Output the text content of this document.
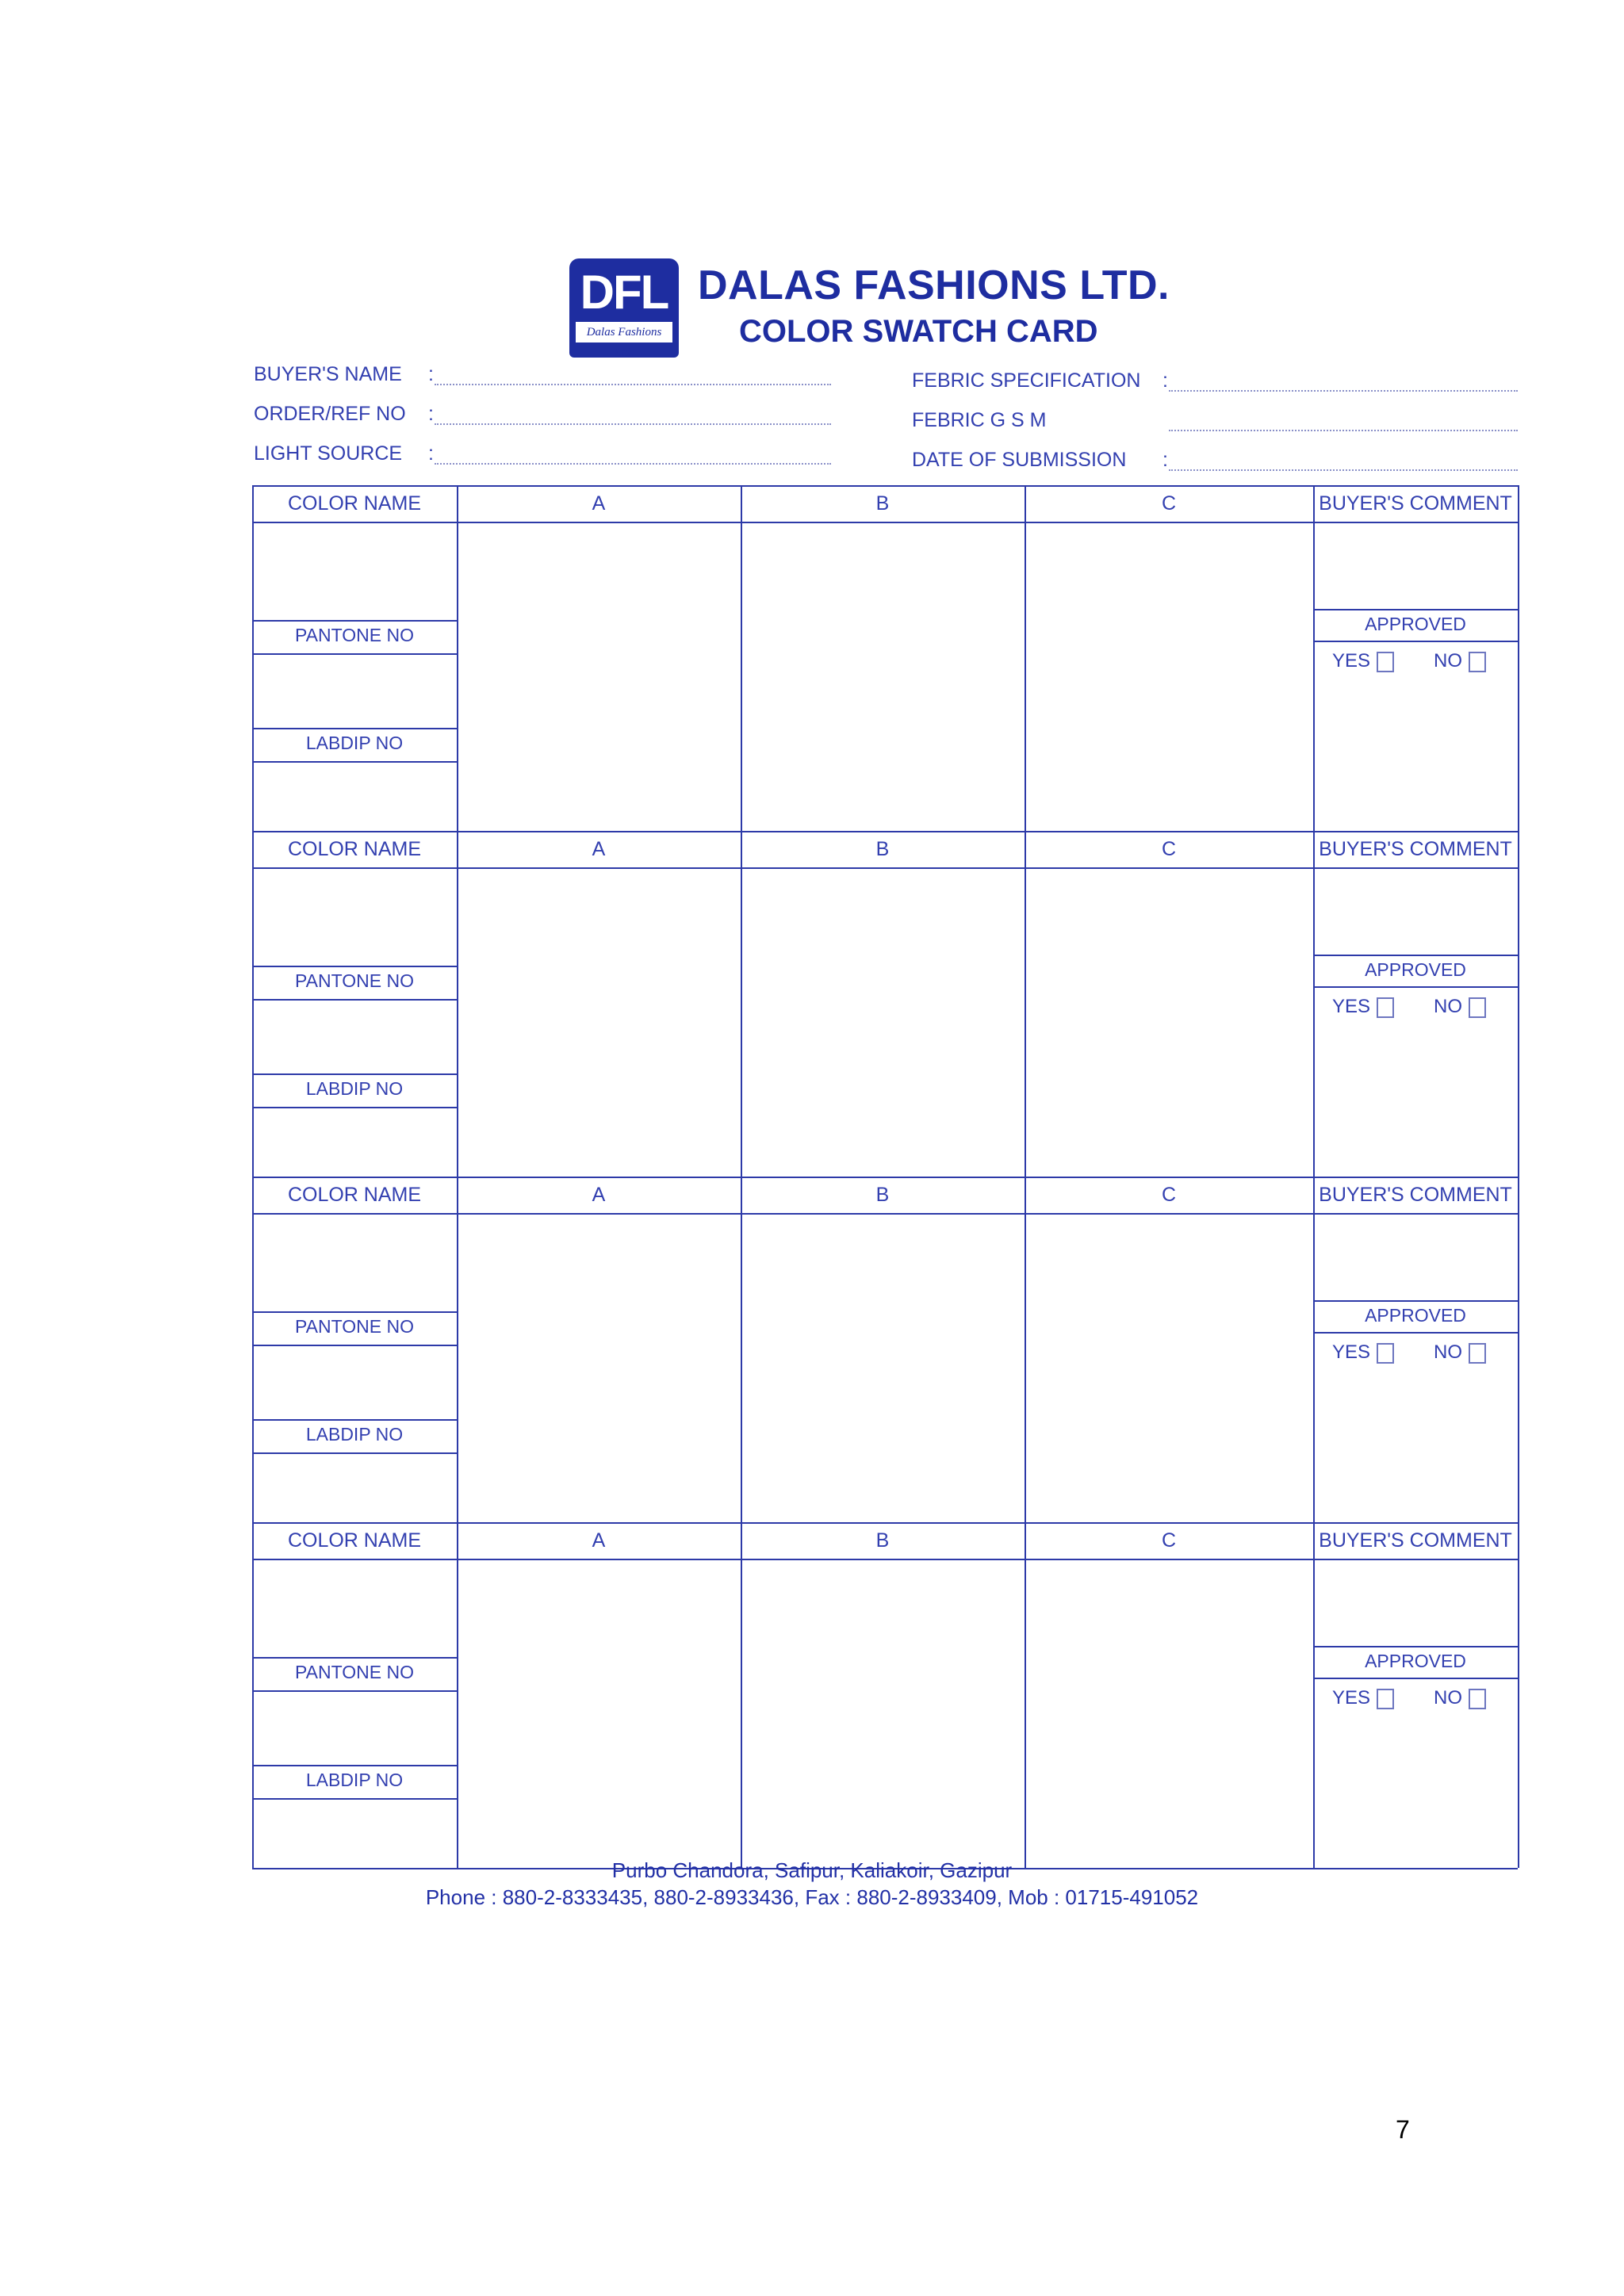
DFL
Dalas Fashions Ltd.
DALAS FASHIONS LTD.
COLOR SWATCH CARD
BUYER'S NAME :
ORDER/REF NO :
LIGHT SOURCE :
FEBRIC SPECIFICATION :
FEBRIC G S M
DATE OF SUBMISSION :
COLOR NAME	A	B	C	BUYER'S COMMENT
PANTONE NO
LABDIP NO
APPROVED
YES	NO
COLOR NAME	A	B	C	BUYER'S COMMENT
PANTONE NO
LABDIP NO
APPROVED
YES	NO
COLOR NAME	A	B	C	BUYER'S COMMENT
PANTONE NO
LABDIP NO
APPROVED
YES	NO
COLOR NAME	A	B	C	BUYER'S COMMENT
PANTONE NO
LABDIP NO
APPROVED
YES	NO
Purbo Chandora, Safipur, Kaliakoir, Gazipur
Phone : 880-2-8333435, 880-2-8933436, Fax : 880-2-8933409, Mob : 01715-491052
7
